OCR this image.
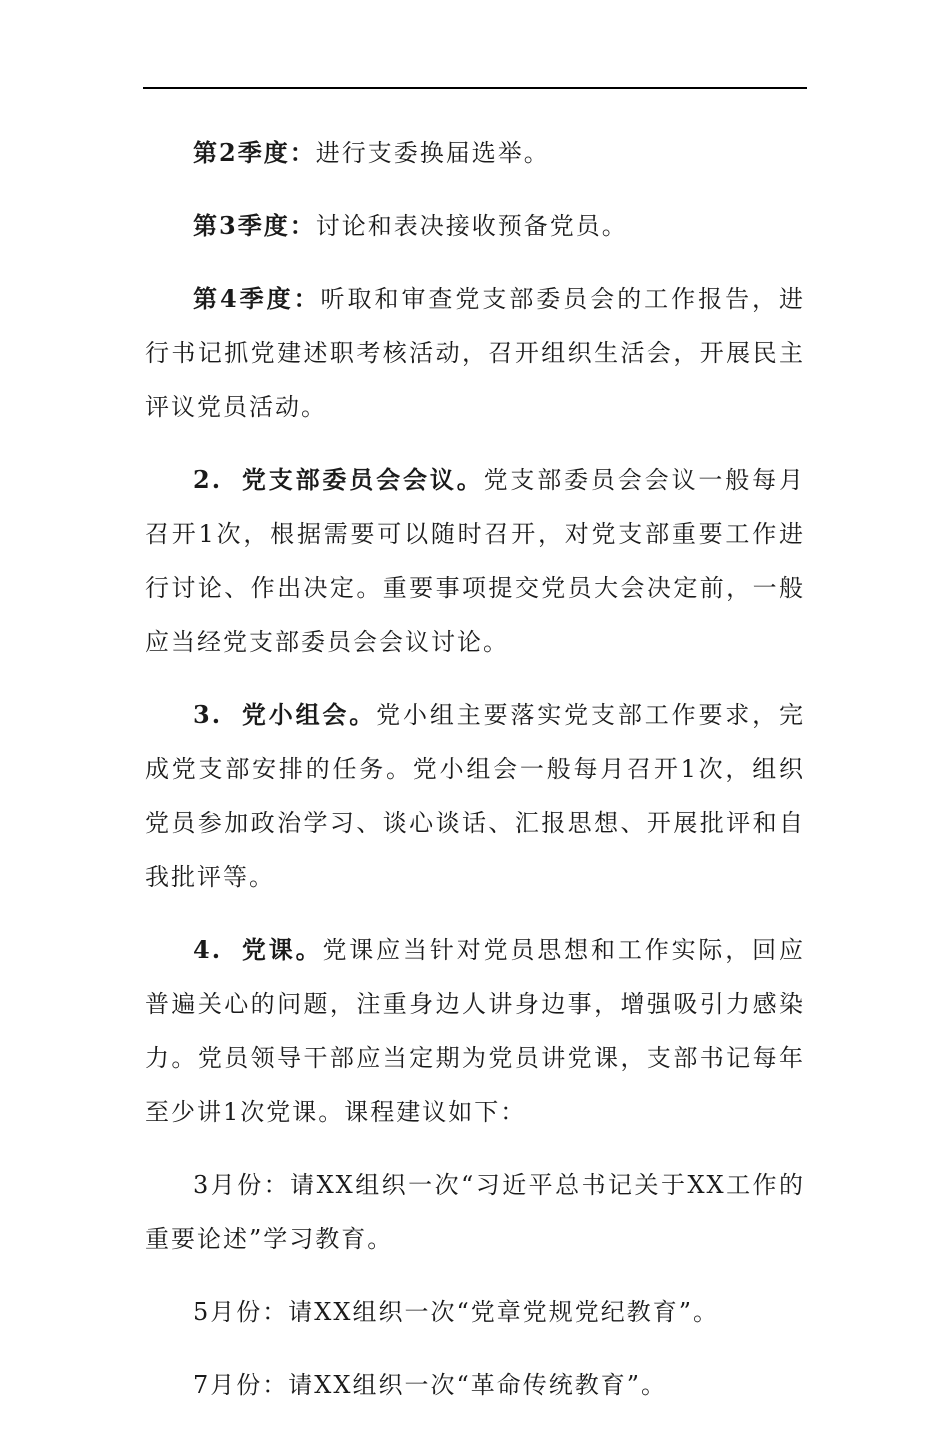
第2季度：进行支委换届选举。

第3季度：讨论和表决接收预备党员。

第4季度：听取和审查党支部委员会的工作报告，进行书记抓党建述职考核活动，召开组织生活会，开展民主评议党员活动。

2. 党支部委员会会议。党支部委员会会议一般每月召开1次，根据需要可以随时召开，对党支部重要工作进行讨论、作出决定。重要事项提交党员大会决定前，一般应当经党支部委员会会议讨论。

3. 党小组会。党小组主要落实党支部工作要求，完成党支部安排的任务。党小组会一般每月召开1次，组织党员参加政治学习、谈心谈话、汇报思想、开展批评和自我批评等。

4. 党课。党课应当针对党员思想和工作实际，回应普遍关心的问题，注重身边人讲身边事，增强吸引力感染力。党员领导干部应当定期为党员讲党课，支部书记每年至少讲1次党课。课程建议如下：

3月份：请XX组织一次“习近平总书记关于XX工作的重要论述”学习教育。

5月份：请XX组织一次“党章党规党纪教育”。

7月份：请XX组织一次“革命传统教育”。
